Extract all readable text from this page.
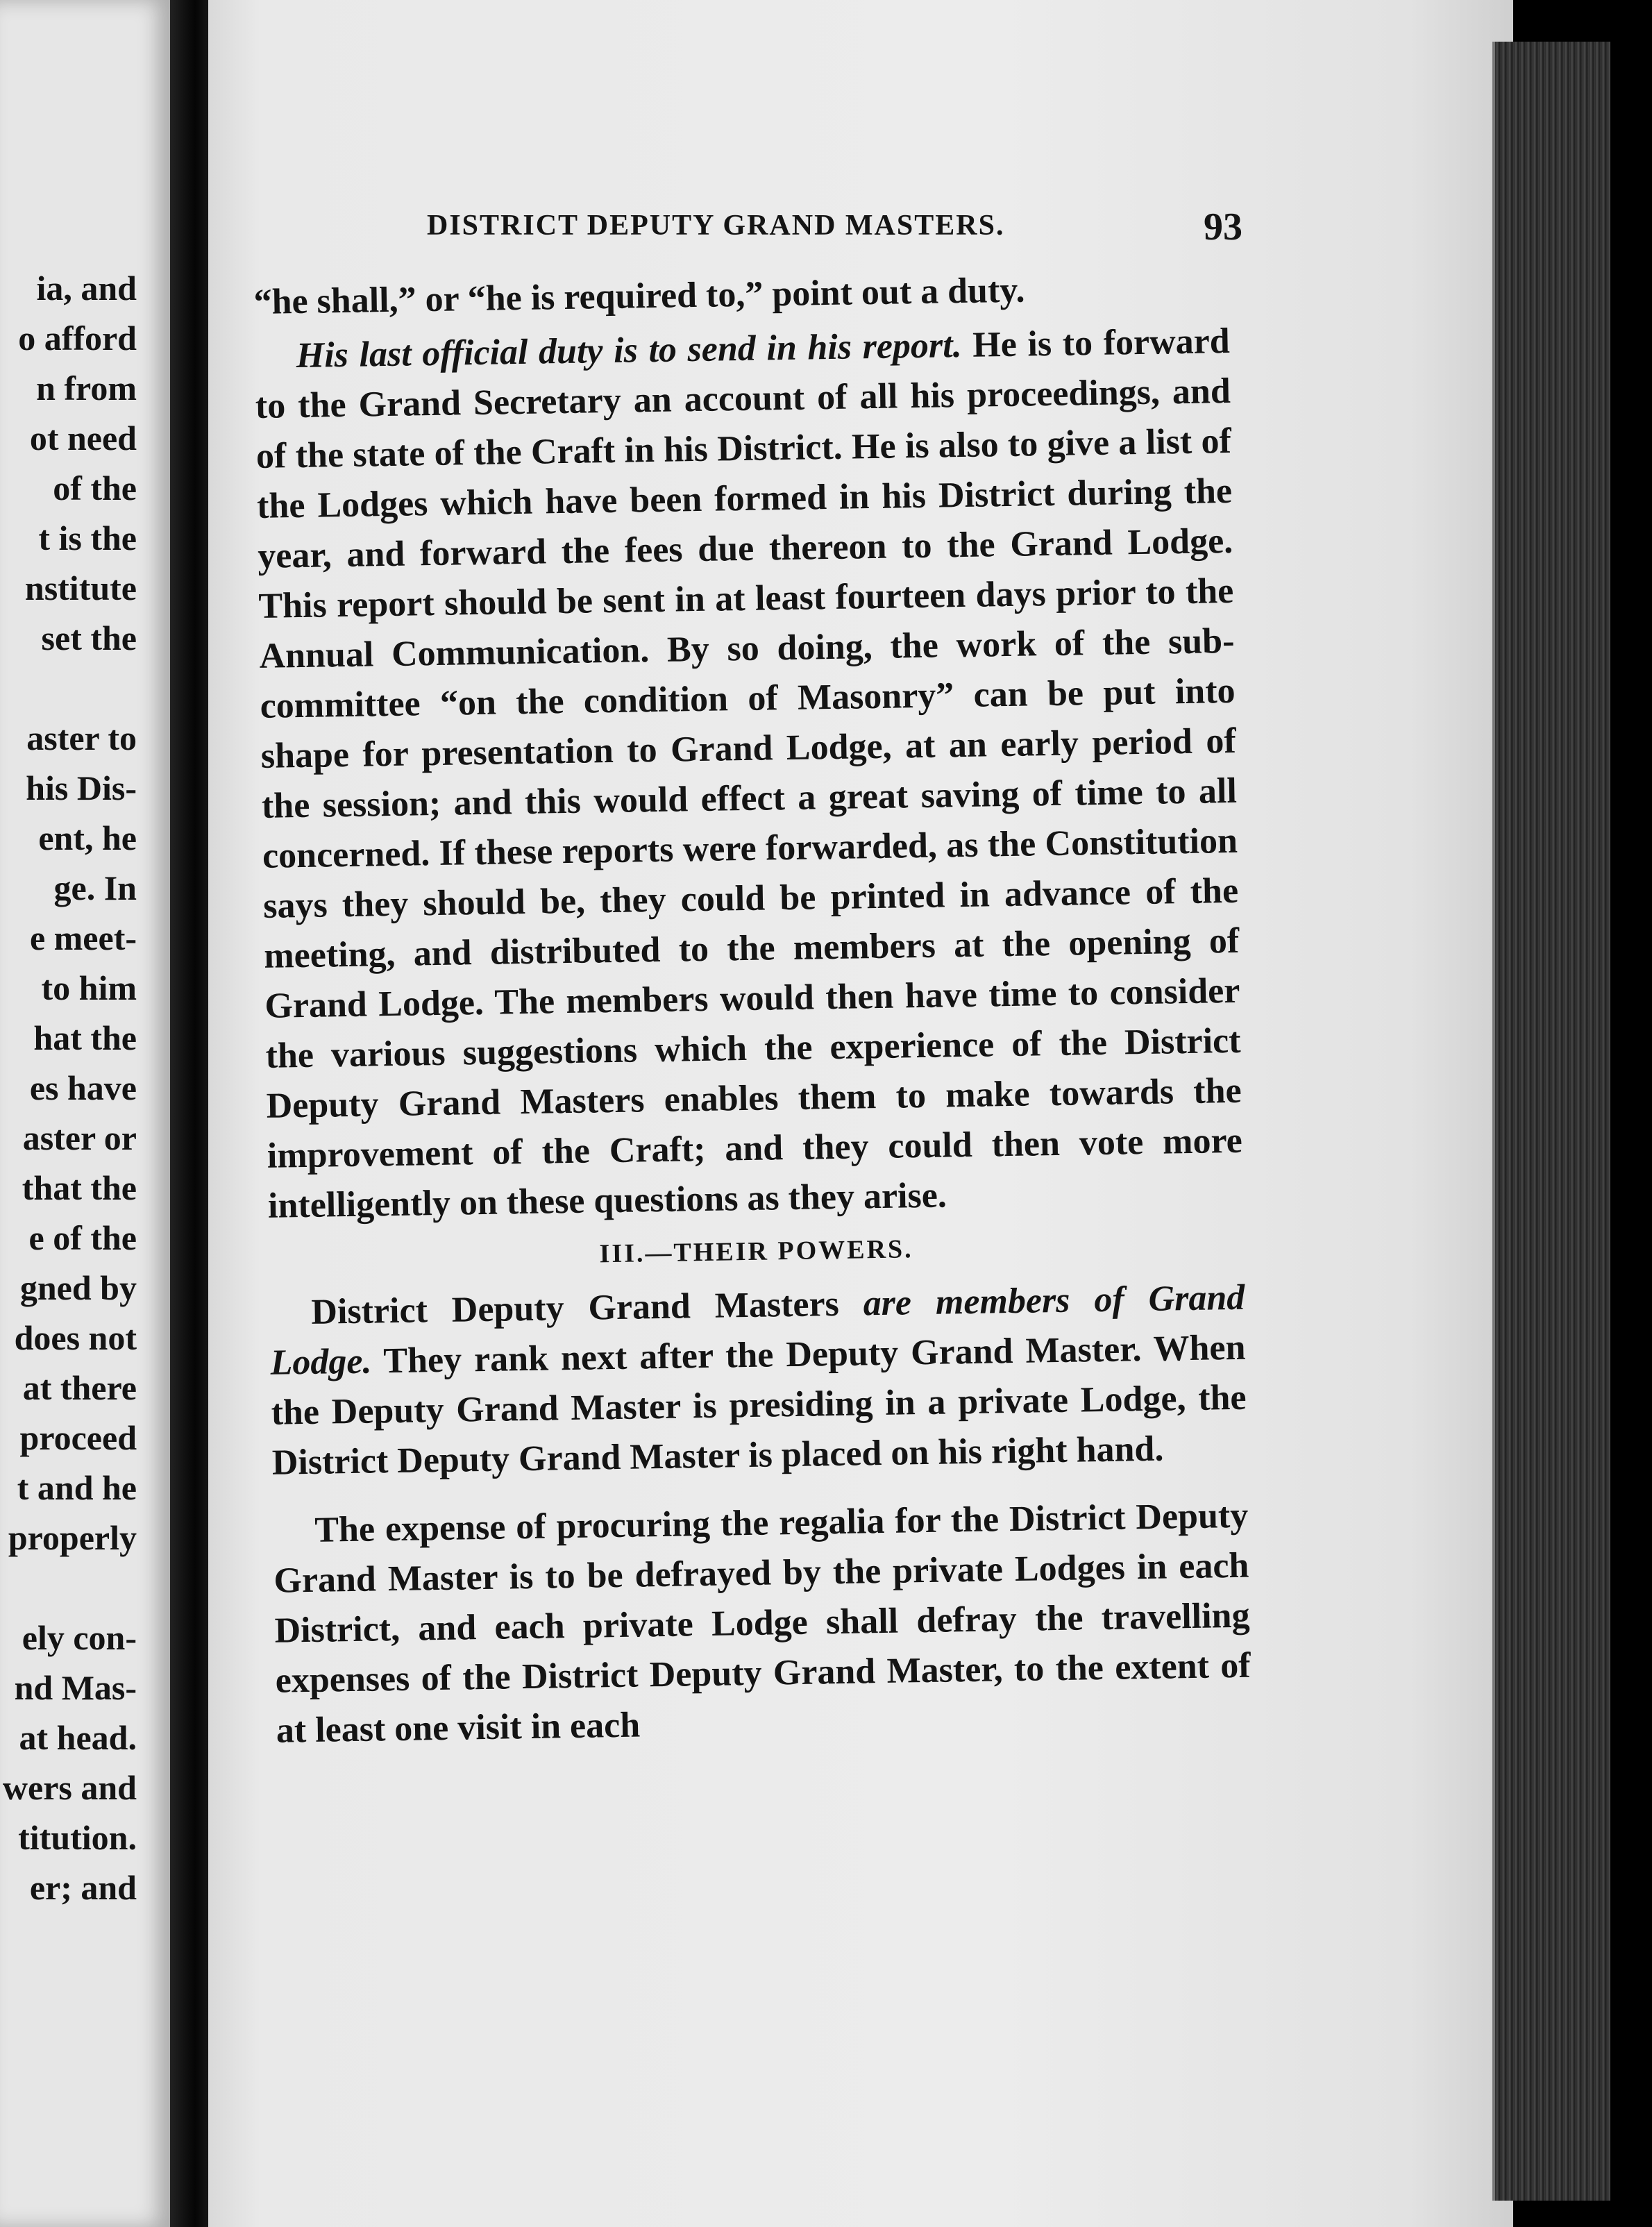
ia, and
o afford
n from
ot need
of the
t is the
nstitute
set the
aster to
his Dis-
ent, he
ge. In
e meet-
to him
hat the
es have
aster or
that the
e of the
gned by
does not
at there
proceed
t and he
properly
ely con-
nd Mas-
at head.
wers and
titution.
er; and
DISTRICT DEPUTY GRAND MASTERS.	93

“he shall,” or “he is required to,” point out a duty.

His last official duty is to send in his report. He is to forward to the Grand Secretary an account of all his proceedings, and of the state of the Craft in his District. He is also to give a list of the Lodges which have been formed in his District during the year, and forward the fees due thereon to the Grand Lodge. This report should be sent in at least fourteen days prior to the Annual Communication. By so doing, the work of the sub-committee “on the condition of Masonry” can be put into shape for presentation to Grand Lodge, at an early period of the session; and this would effect a great saving of time to all concerned. If these reports were forwarded, as the Constitution says they should be, they could be printed in advance of the meeting, and distributed to the members at the opening of Grand Lodge. The members would then have time to consider the various suggestions which the experience of the District Deputy Grand Masters enables them to make towards the improvement of the Craft; and they could then vote more intelligently on these questions as they arise.

III.—THEIR POWERS.

District Deputy Grand Masters are members of Grand Lodge. They rank next after the Deputy Grand Master. When the Deputy Grand Master is presiding in a private Lodge, the District Deputy Grand Master is placed on his right hand.

The expense of procuring the regalia for the District Deputy Grand Master is to be defrayed by the private Lodges in each District, and each private Lodge shall defray the travelling expenses of the District Deputy Grand Master, to the extent of at least one visit in each
